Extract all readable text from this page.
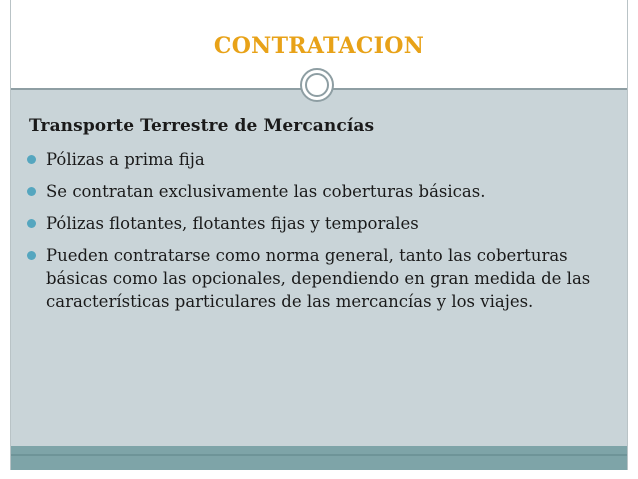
CONTRATACION
Transporte Terrestre de Mercancías
Pólizas a prima fija
Se contratan exclusivamente las coberturas básicas.
Pólizas flotantes, flotantes fijas y temporales
Pueden contratarse como norma general, tanto las coberturas básicas como las opcionales, dependiendo en gran medida de las características particulares de las mercancías y los viajes.
